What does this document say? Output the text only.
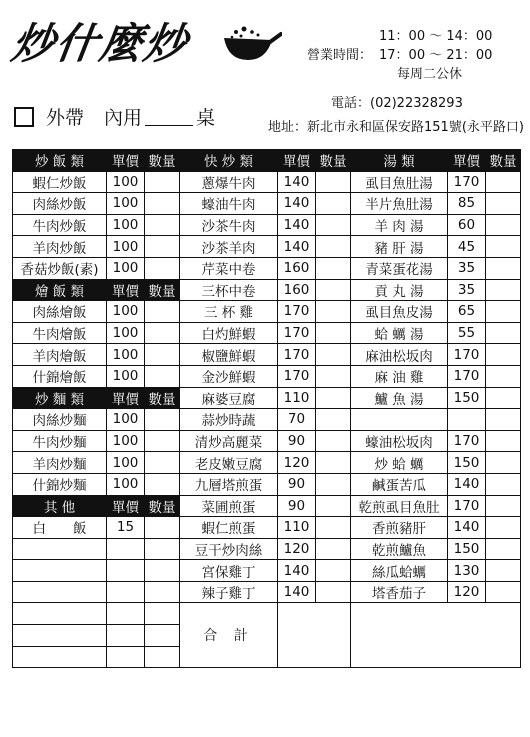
炒什麼炒	11：00 ～ 14：00
營業時間： 17：00 ～ 21：00
每周二公休
外帶 內用	桌
電話：(02)22328293
地址：新北市永和區保安路151號(永平路口)
炒 飯 類	單價	數量	快 炒 類	單價	數量	湯 類	單價	數量
蝦仁炒飯	100		蔥爆牛肉	140		虱目魚肚湯	170	
肉絲炒飯	100		蠔油牛肉	140		半片魚肚湯	85	
牛肉炒飯	100		沙茶牛肉	140		羊 肉 湯	60	
羊肉炒飯	100		沙茶羊肉	140		豬 肝 湯	45	
香菇炒飯(素)	100		芹菜中卷	160		青菜蛋花湯	35	
燴 飯 類	單價	數量	三杯中卷	160		貢 丸 湯	35	
肉絲燴飯	100		三 杯 雞	170		虱目魚皮湯	65	
牛肉燴飯	100		白灼鮮蝦	170		蛤 蠣 湯	55	
羊肉燴飯	100		椒鹽鮮蝦	170		麻油松坂肉	170	
什錦燴飯	100		金沙鮮蝦	170		麻 油 雞	170	
炒 麵 類	單價	數量	麻婆豆腐	110		鱸 魚 湯	150	
肉絲炒麵	100		蒜炒時蔬	70				
牛肉炒麵	100		清炒高麗菜	90		蠔油松坂肉	170	
羊肉炒麵	100		老皮嫩豆腐	120		炒 蛤 蠣	150	
什錦炒麵	100		九層塔煎蛋	90		鹹蛋苦瓜	140	
其 他	單價	數量	菜圃煎蛋	90		乾煎虱目魚肚	170	
白　　飯	15		蝦仁煎蛋	110		香煎豬肝	140	
			豆干炒肉絲	120		乾煎鱸魚	150	
			宮保雞丁	140		絲瓜蛤蠣	130	
			辣子雞丁	140		塔香茄子	120	
			合 計					
